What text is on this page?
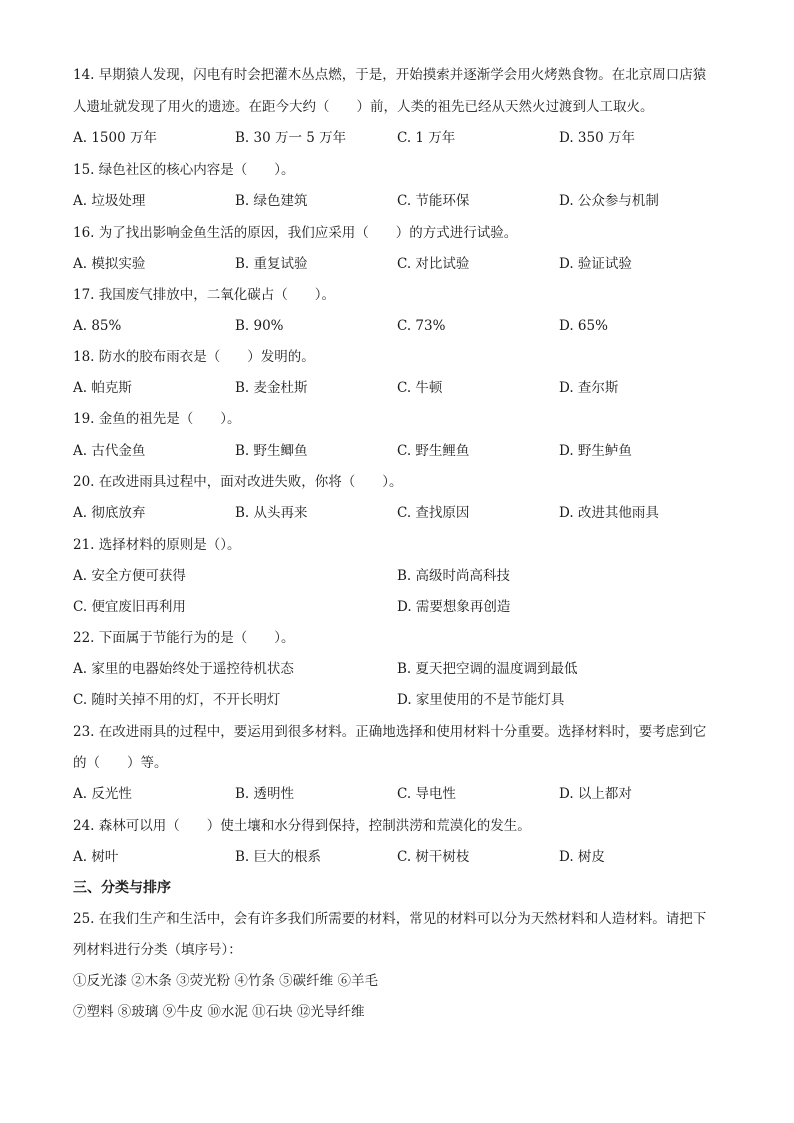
14. 早期猿人发现，闪电有时会把灌木丛点燃，于是，开始摸索并逐渐学会用火烤熟食物。在北京周口店猿
人遗址就发现了用火的遗迹。在距今大约（　　）前，人类的祖先已经从天然火过渡到人工取火。
A. 1500 万年	B. 30 万一 5 万年	C. 1 万年	D. 350 万年
15. 绿色社区的核心内容是（　　）。
A. 垃圾处理	B. 绿色建筑	C. 节能环保	D. 公众参与机制
16. 为了找出影响金鱼生活的原因，我们应采用（　　）的方式进行试验。
A. 模拟实验	B. 重复试验	C. 对比试验	D. 验证试验
17. 我国废气排放中，二氧化碳占（　　）。
A. 85%	B. 90%	C. 73%	D. 65%
18. 防水的胶布雨衣是（　　）发明的。
A. 帕克斯	B. 麦金杜斯	C. 牛顿	D. 查尔斯
19. 金鱼的祖先是（　　）。
A. 古代金鱼	B. 野生鲫鱼	C. 野生鲤鱼	D. 野生鲈鱼
20. 在改进雨具过程中，面对改进失败，你将（　　）。
A. 彻底放弃	B. 从头再来	C. 查找原因	D. 改进其他雨具
21. 选择材料的原则是（）。
A. 安全方便可获得	B. 高级时尚高科技
C. 便宜废旧再利用	D. 需要想象再创造
22. 下面属于节能行为的是（　　）。
A. 家里的电器始终处于遥控待机状态	B. 夏天把空调的温度调到最低
C. 随时关掉不用的灯，不开长明灯	D. 家里使用的不是节能灯具
23. 在改进雨具的过程中，要运用到很多材料。正确地选择和使用材料十分重要。选择材料时，要考虑到它
的（　　）等。
A. 反光性	B. 透明性	C. 导电性	D. 以上都对
24. 森林可以用（　　）使土壤和水分得到保持，控制洪涝和荒漠化的发生。
A. 树叶	B. 巨大的根系	C. 树干树枝	D. 树皮
三、分类与排序
25. 在我们生产和生活中，会有许多我们所需要的材料，常见的材料可以分为天然材料和人造材料。请把下
列材料进行分类（填序号）：
①反光漆 ②木条 ③荧光粉 ④竹条 ⑤碳纤维 ⑥羊毛
⑦塑料 ⑧玻璃 ⑨牛皮 ⑩水泥 ⑪石块 ⑫光导纤维
